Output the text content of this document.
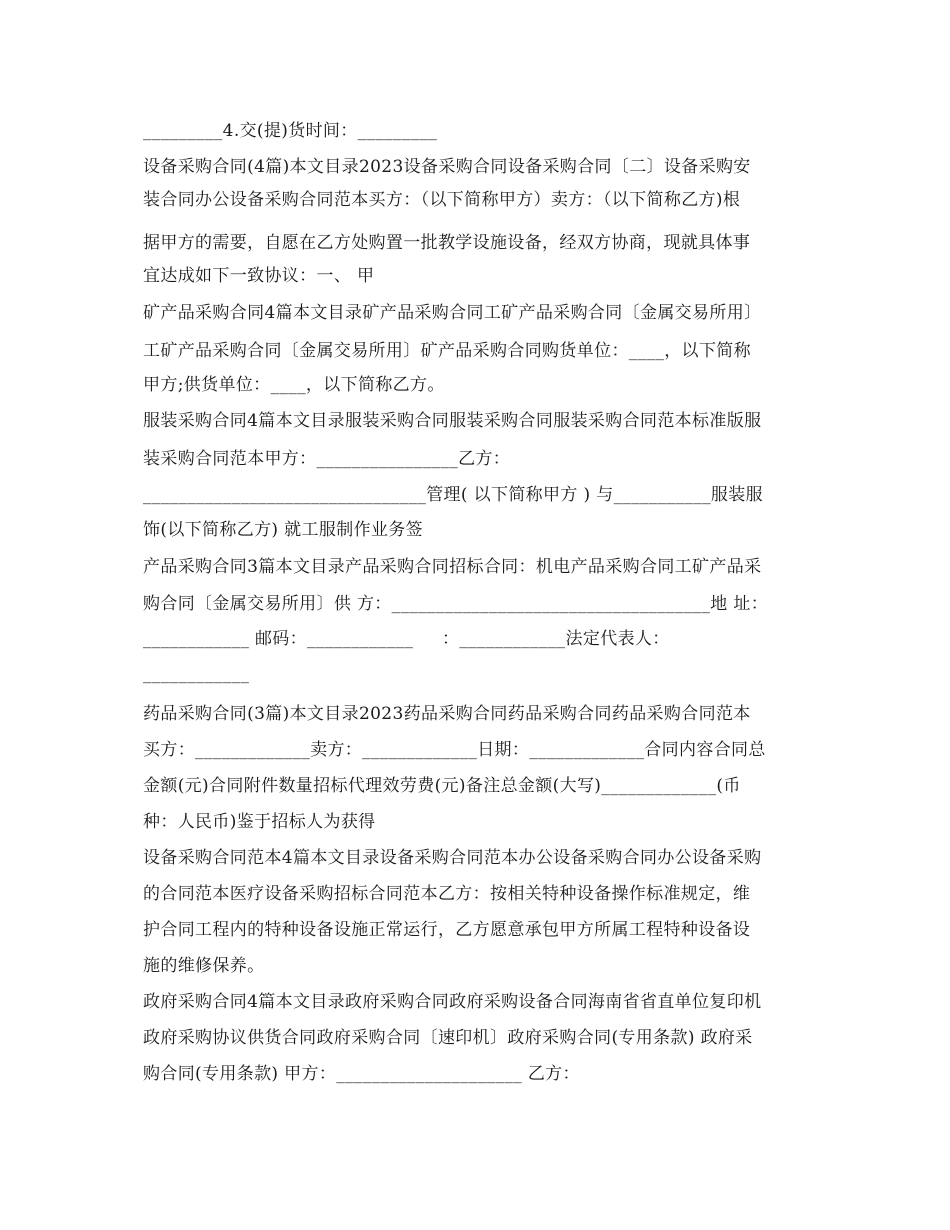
_________4.交(提)货时间：_________
设备采购合同(4篇)本文目录2023设备采购合同设备采购合同〔二〕设备采购安
装合同办公设备采购合同范本买方：（以下简称甲方）卖方：（以下简称乙方)根
据甲方的需要，自愿在乙方处购置一批教学设施设备，经双方协商，现就具体事
宜达成如下一致协议：一、 甲
矿产品采购合同4篇本文目录矿产品采购合同工矿产品采购合同〔金属交易所用〕
工矿产品采购合同〔金属交易所用〕矿产品采购合同购货单位：____，以下简称
甲方;供货单位：____，以下简称乙方。
服装采购合同4篇本文目录服装采购合同服装采购合同服装采购合同范本标准版服
装采购合同范本甲方：________________乙方：
________________________________管理( 以下简称甲方 ) 与___________服装服
饰(以下简称乙方) 就工服制作业务签
产品采购合同3篇本文目录产品采购合同招标合同：机电产品采购合同工矿产品采
购合同〔金属交易所用〕供 方：____________________________________地 址：
____________ 邮码：____________     ：____________法定代表人：
____________
药品采购合同(3篇)本文目录2023药品采购合同药品采购合同药品采购合同范本
买方：_____________卖方：_____________日期：_____________合同内容合同总
金额(元)合同附件数量招标代理效劳费(元)备注总金额(大写)_____________(币
种：人民币)鉴于招标人为获得
设备采购合同范本4篇本文目录设备采购合同范本办公设备采购合同办公设备采购
的合同范本医疗设备采购招标合同范本乙方：按相关特种设备操作标准规定，维
护合同工程内的特种设备设施正常运行，乙方愿意承包甲方所属工程特种设备设
施的维修保养。
政府采购合同4篇本文目录政府采购合同政府采购设备合同海南省省直单位复印机
政府采购协议供货合同政府采购合同〔速印机〕政府采购合同(专用条款) 政府采
购合同(专用条款) 甲方：_____________________ 乙方：
